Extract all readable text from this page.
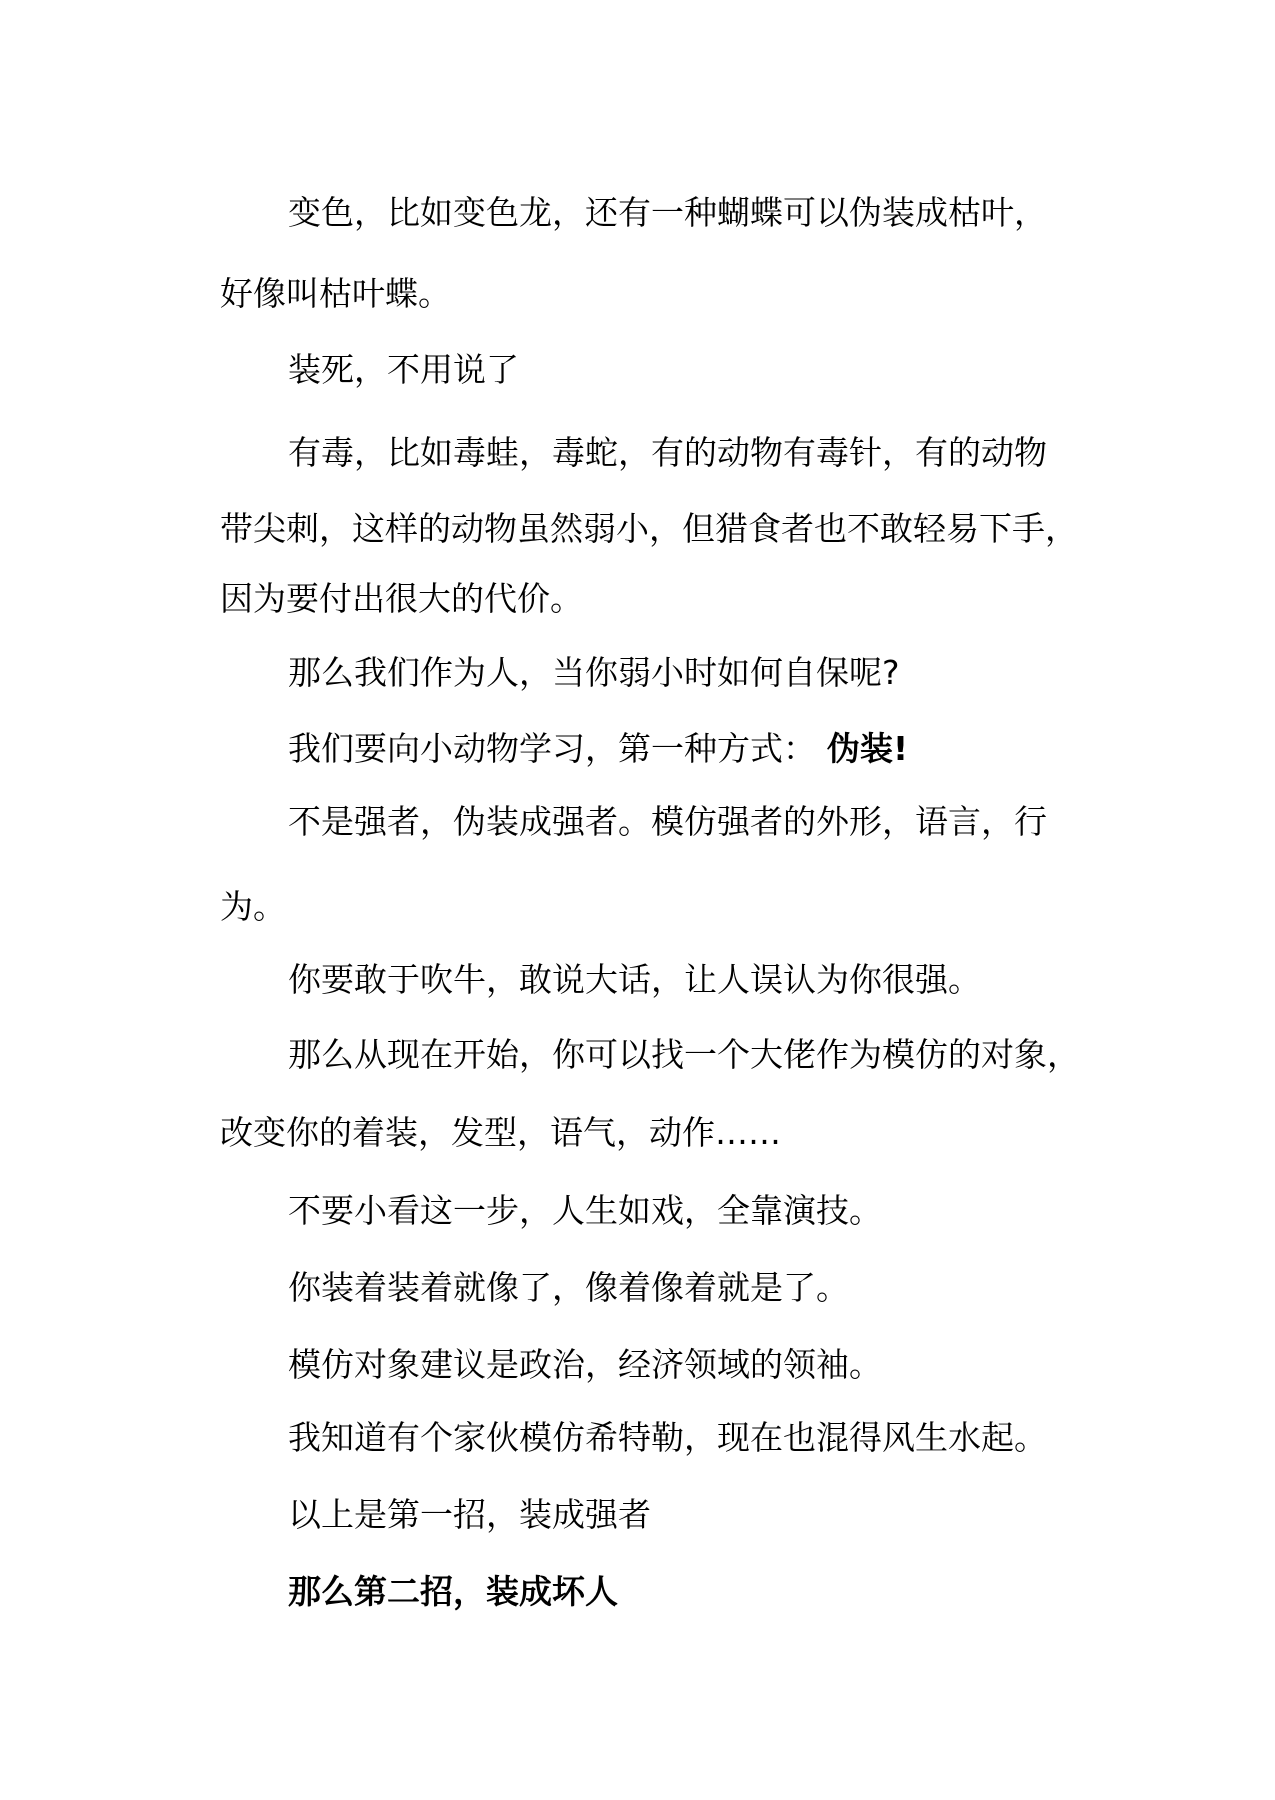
变色，比如变色龙，还有一种蝴蝶可以伪装成枯叶，
好像叫枯叶蝶。
装死，不用说了
有毒，比如毒蛙，毒蛇，有的动物有毒针，有的动物
带尖刺，这样的动物虽然弱小，但猎食者也不敢轻易下手，
因为要付出很大的代价。
那么我们作为人，当你弱小时如何自保呢?
我们要向小动物学习，第一种方式： 伪装!
不是强者，伪装成强者。模仿强者的外形，语言，行
为。
你要敢于吹牛，敢说大话，让人误认为你很强。
那么从现在开始，你可以找一个大佬作为模仿的对象，
改变你的着装，发型，语气，动作……
不要小看这一步，人生如戏，全靠演技。
你装着装着就像了，像着像着就是了。
模仿对象建议是政治，经济领域的领袖。
我知道有个家伙模仿希特勒，现在也混得风生水起。
以上是第一招，装成强者
那么第二招，装成坏人
